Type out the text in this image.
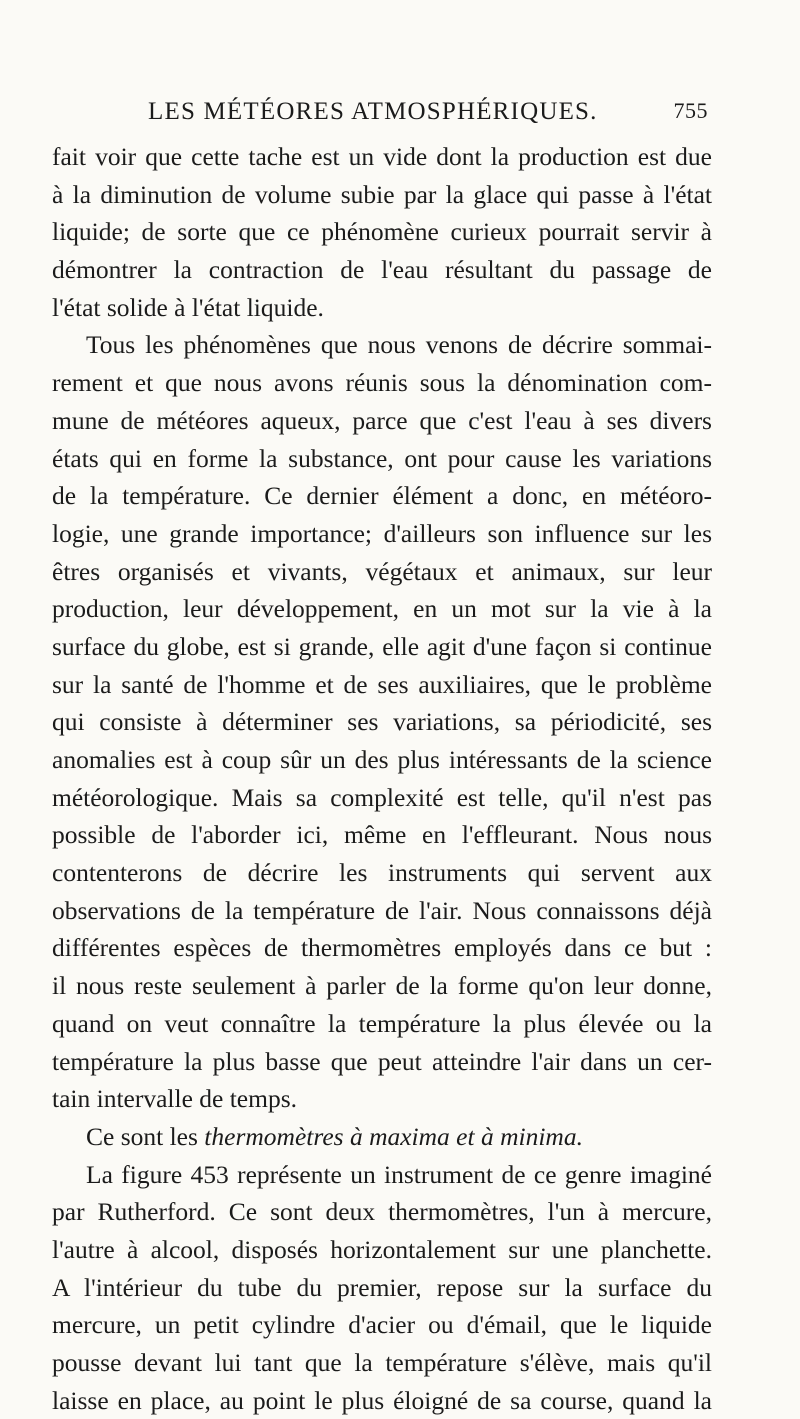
LES MÉTÉORES ATMOSPHÉRIQUES.	755
fait voir que cette tache est un vide dont la production est due
à la diminution de volume subie par la glace qui passe à l'état
liquide; de sorte que ce phénomène curieux pourrait servir à
démontrer la contraction de l'eau résultant du passage de
l'état solide à l'état liquide.
Tous les phénomènes que nous venons de décrire sommai-
rement et que nous avons réunis sous la dénomination com-
mune de météores aqueux, parce que c'est l'eau à ses divers
états qui en forme la substance, ont pour cause les variations
de la température. Ce dernier élément a donc, en météoro-
logie, une grande importance; d'ailleurs son influence sur les
êtres organisés et vivants, végétaux et animaux, sur leur
production, leur développement, en un mot sur la vie à la
surface du globe, est si grande, elle agit d'une façon si continue
sur la santé de l'homme et de ses auxiliaires, que le problème
qui consiste à déterminer ses variations, sa périodicité, ses
anomalies est à coup sûr un des plus intéressants de la science
météorologique. Mais sa complexité est telle, qu'il n'est pas
possible de l'aborder ici, même en l'effleurant. Nous nous
contenterons de décrire les instruments qui servent aux
observations de la température de l'air. Nous connaissons déjà
différentes espèces de thermomètres employés dans ce but :
il nous reste seulement à parler de la forme qu'on leur donne,
quand on veut connaître la température la plus élevée ou la
température la plus basse que peut atteindre l'air dans un cer-
tain intervalle de temps.
Ce sont les thermomètres à maxima et à minima.
La figure 453 représente un instrument de ce genre imaginé
par Rutherford. Ce sont deux thermomètres, l'un à mercure,
l'autre à alcool, disposés horizontalement sur une planchette.
A l'intérieur du tube du premier, repose sur la surface du
mercure, un petit cylindre d'acier ou d'émail, que le liquide
pousse devant lui tant que la température s'élève, mais qu'il
laisse en place, au point le plus éloigné de sa course, quand la
